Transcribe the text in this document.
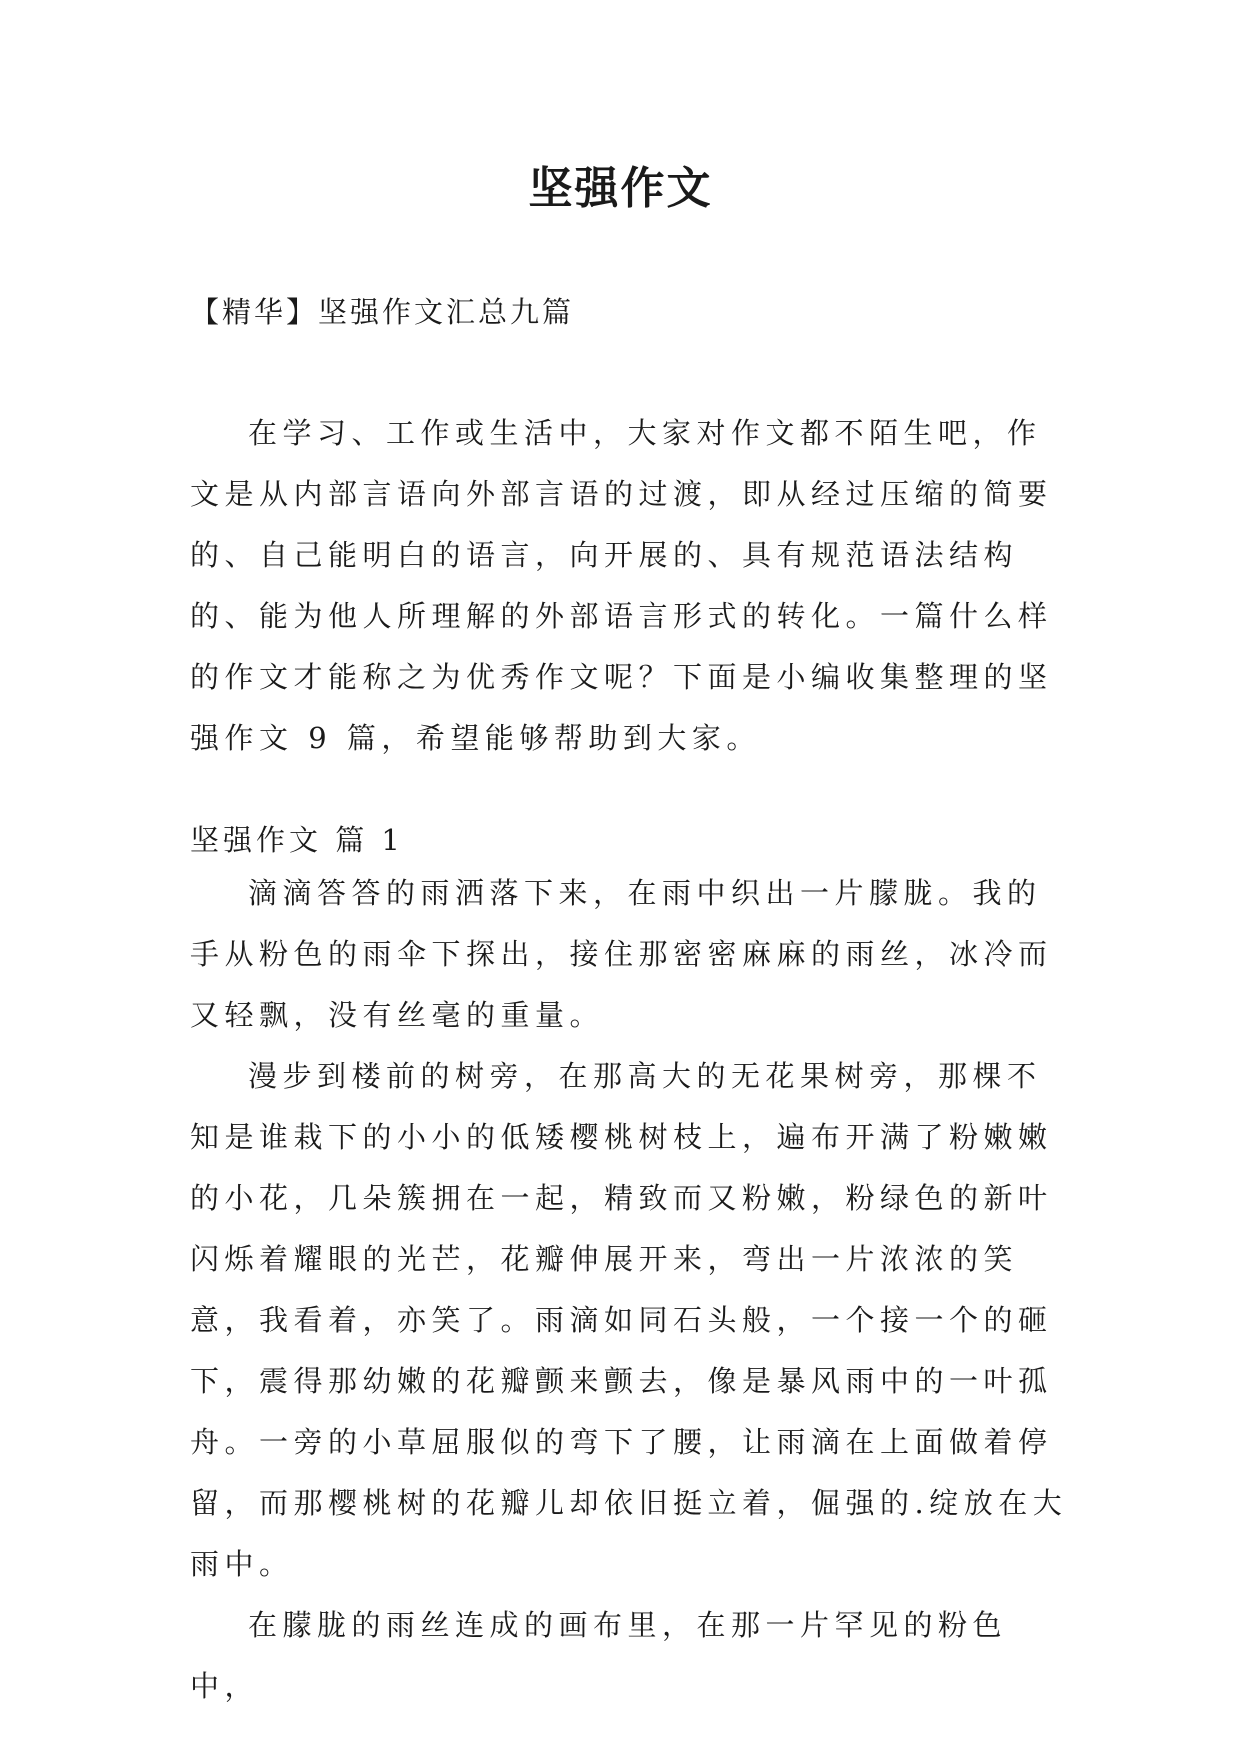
坚强作文
【精华】坚强作文汇总九篇

在学习、工作或生活中，大家对作文都不陌生吧，作文是从内部言语向外部言语的过渡，即从经过压缩的简要的、自己能明白的语言，向开展的、具有规范语法结构的、能为他人所理解的外部语言形式的转化。一篇什么样的作文才能称之为优秀作文呢？下面是小编收集整理的坚强作文 9 篇，希望能够帮助到大家。

坚强作文 篇 1

滴滴答答的雨洒落下来，在雨中织出一片朦胧。我的手从粉色的雨伞下探出，接住那密密麻麻的雨丝，冰冷而又轻飘，没有丝毫的重量。

漫步到楼前的树旁，在那高大的无花果树旁，那棵不知是谁栽下的小小的低矮樱桃树枝上，遍布开满了粉嫩嫩的小花，几朵簇拥在一起，精致而又粉嫩，粉绿色的新叶闪烁着耀眼的光芒，花瓣伸展开来，弯出一片浓浓的笑意，我看着，亦笑了。雨滴如同石头般，一个接一个的砸下，震得那幼嫩的花瓣颤来颤去，像是暴风雨中的一叶孤舟。一旁的小草屈服似的弯下了腰，让雨滴在上面做着停留，而那樱桃树的花瓣儿却依旧挺立着，倔强的.绽放在大雨中。

在朦胧的雨丝连成的画布里，在那一片罕见的粉色中，
